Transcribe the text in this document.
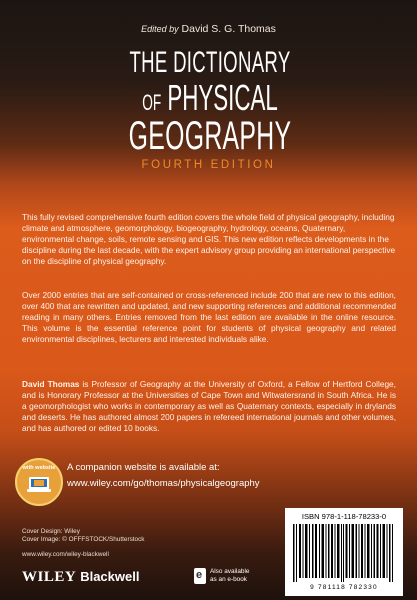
Edited by David S. G. Thomas
THE DICTIONARY
OF PHYSICAL
GEOGRAPHY
FOURTH EDITION

This fully revised comprehensive fourth edition covers the whole field of physical geography, including climate and atmosphere, geomorphology, biogeography, hydrology, oceans, Quaternary, environmental change, soils, remote sensing and GIS. This new edition reflects developments in the discipline during the last decade, with the expert advisory group providing an international perspective on the discipline of physical geography.

Over 2000 entries that are self-contained or cross-referenced include 200 that are new to this edition, over 400 that are rewritten and updated, and new supporting references and additional recommended reading in many others. Entries removed from the last edition are available in the online resource. This volume is the essential reference point for students of physical geography and related environmental disciplines, lecturers and interested individuals alike.

David Thomas is Professor of Geography at the University of Oxford, a Fellow of Hertford College, and is Honorary Professor at the Universities of Cape Town and Witwatersrand in South Africa. He is a geomorphologist who works in contemporary as well as Quaternary contexts, especially in drylands and deserts. He has authored almost 200 papers in refereed international journals and other volumes, and has authored or edited 10 books.

with website	A companion website is available at:
www.wiley.com/go/thomas/physicalgeography
ISBN 978-1-118-78233-0
9 781118 782330
Cover Design: Wiley
Cover Image: © OFFFSTOCK/Shutterstock
www.wiley.com/wiley-blackwell
WILEY Blackwell	e Also available
as an e-book
